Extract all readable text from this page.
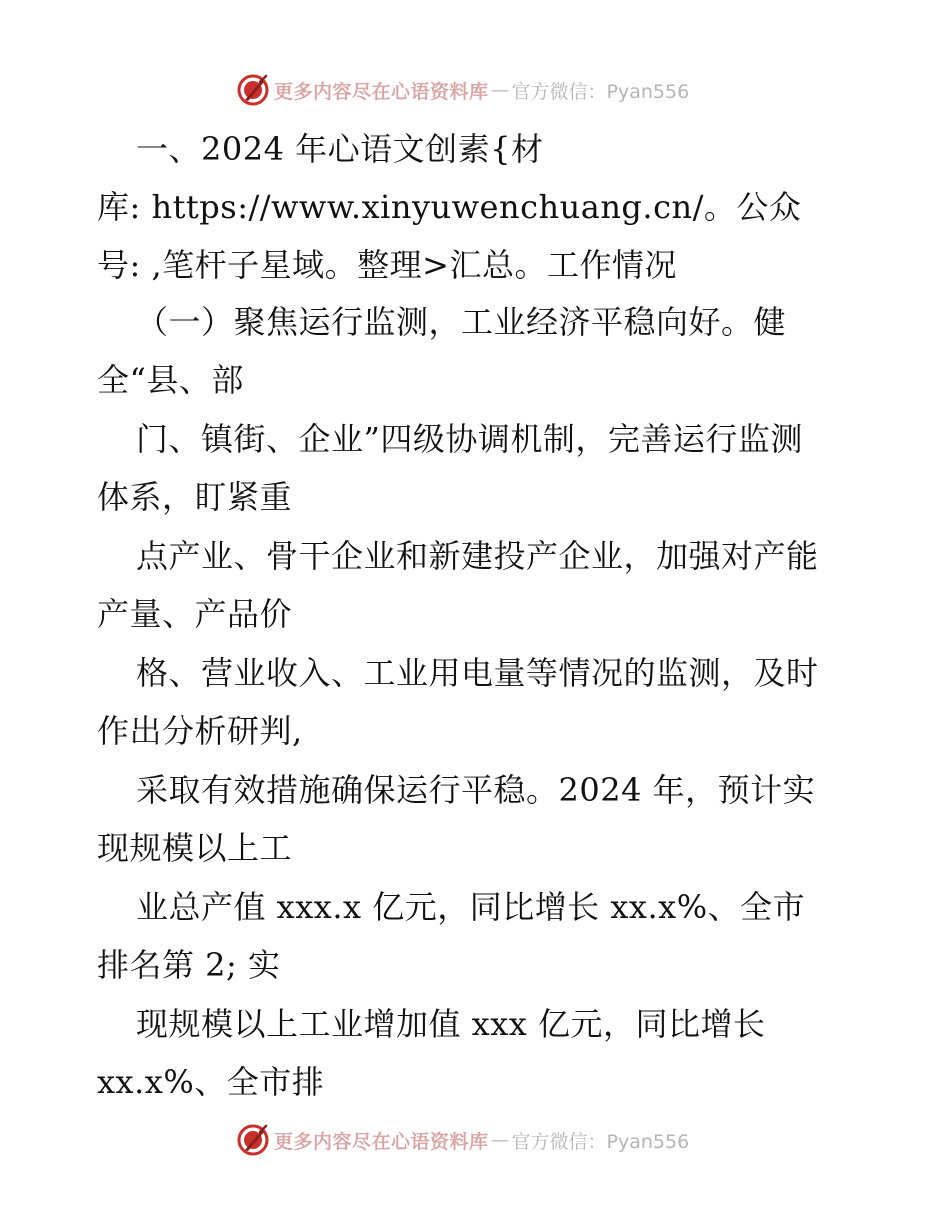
更多内容尽在心语资料库 — 官方微信：Pyan556
一、2024 年心语文创素{材
库: https://www.xinyuwenchuang.cn/。公众
号: ,笔杆子星域。整理>汇总。工作情况
（一）聚焦运行监测，工业经济平稳向好。健
全“县、部
门、镇街、企业”四级协调机制，完善运行监测
体系，盯紧重
点产业、骨干企业和新建投产企业，加强对产能
产量、产品价
格、营业收入、工业用电量等情况的监测，及时
作出分析研判,
采取有效措施确保运行平稳。2024 年，预计实
现规模以上工
业总产值 xxx.x 亿元，同比增长 xx.x%、全市
排名第 2; 实
现规模以上工业增加值 xxx 亿元，同比增长
xx.x%、全市排
更多内容尽在心语资料库 — 官方微信：Pyan556
